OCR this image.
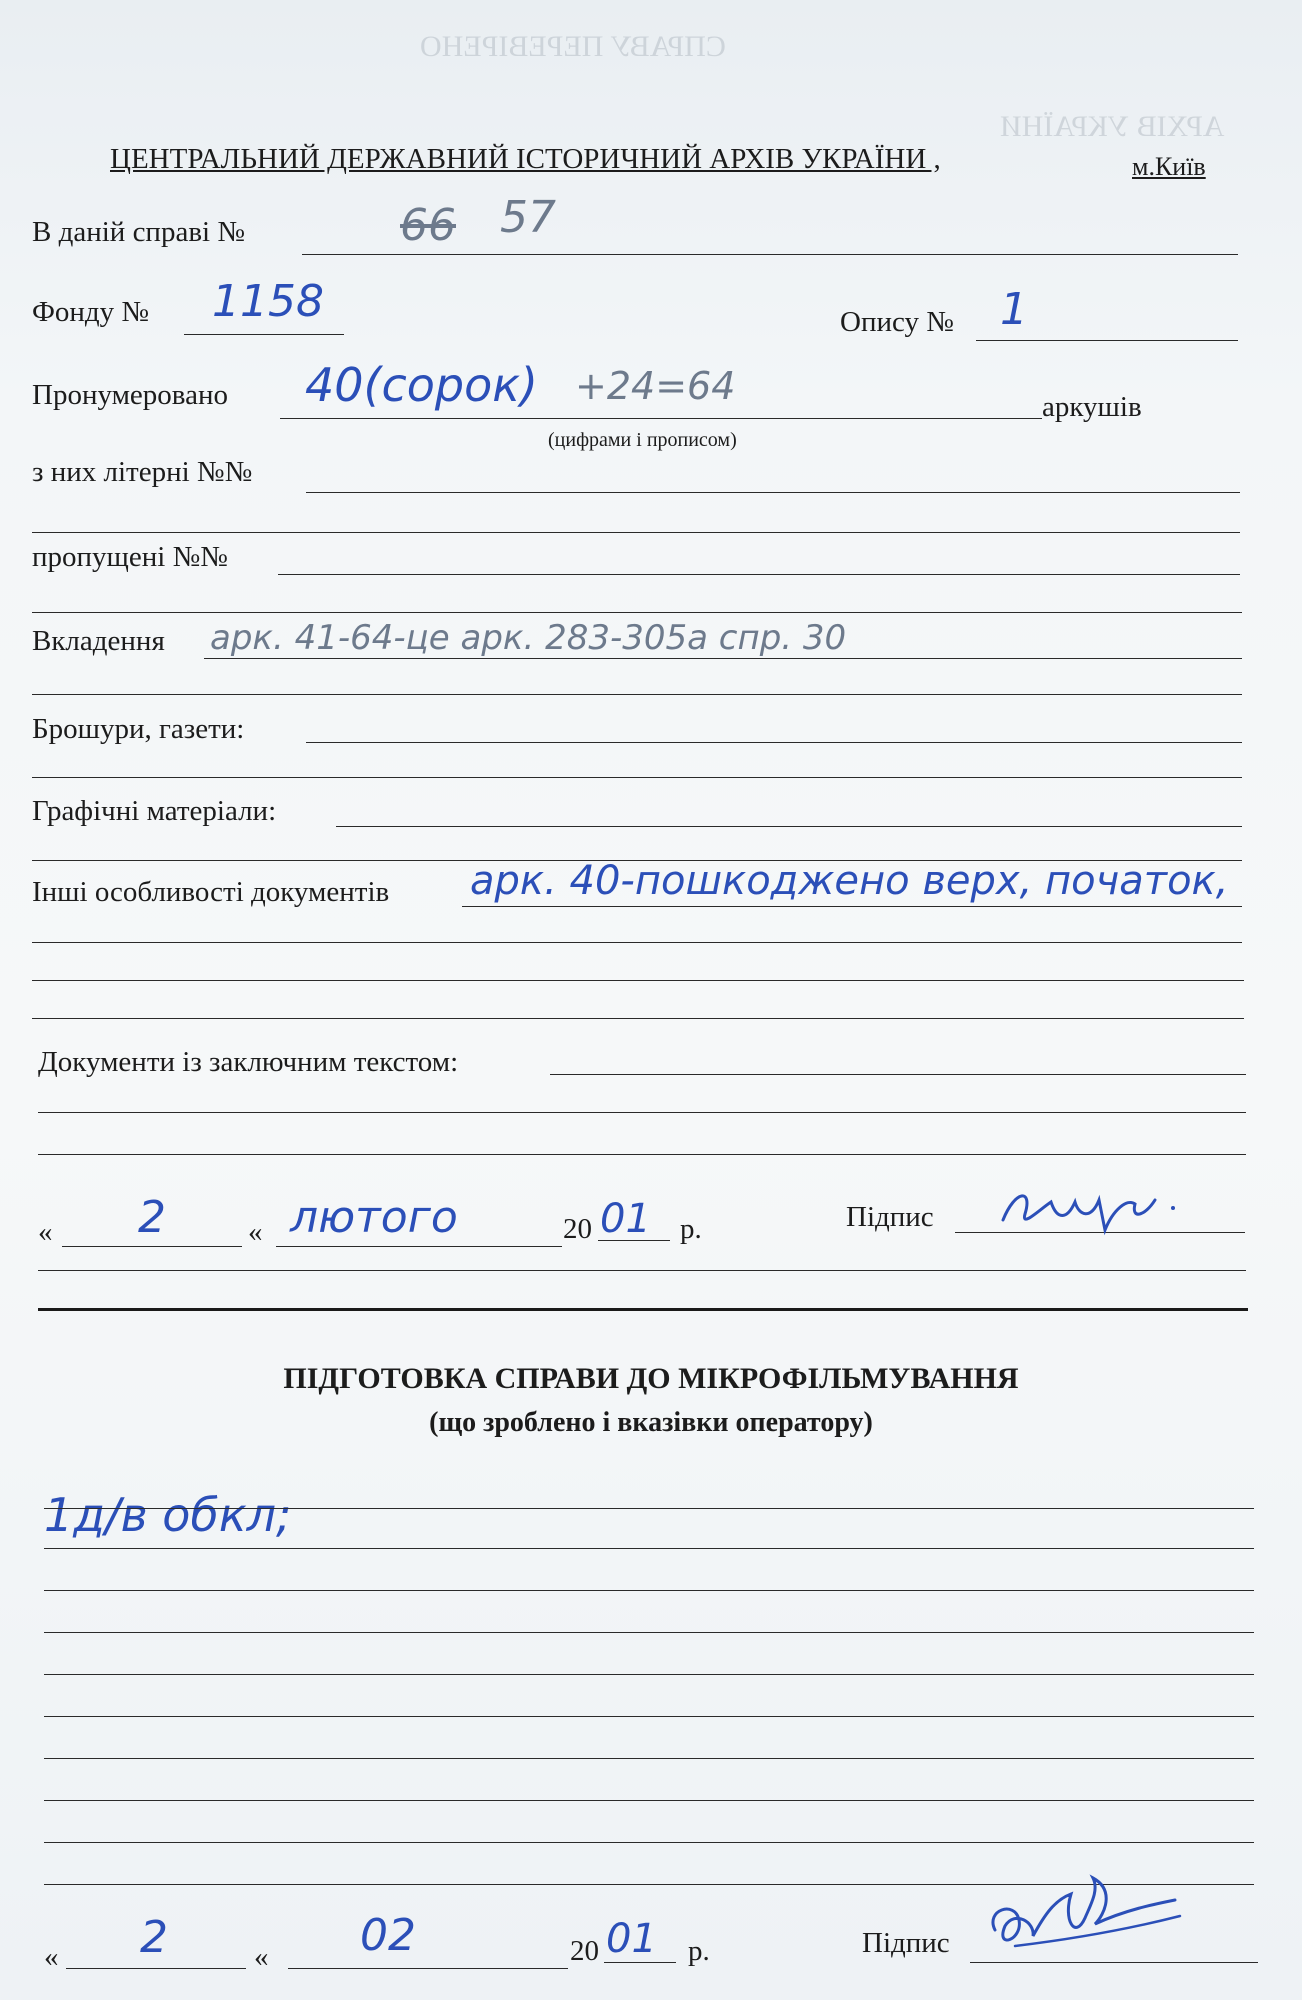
СПРАВУ ПЕРЕВІРЕНО
АРХІВ УКРАЇНИ
ЦЕНТРАЛЬНИЙ ДЕРЖАВНИЙ ІСТОРИЧНИЙ АРХІВ УКРАЇНИ ,	м.Київ
В даній справі №	66 57
Фонду № 1158	Опису № 1
Пронумеровано 40(сорок) +24=64	аркушів
(цифрами і прописом)
з них літерні №№
пропущені №№
Вкладення арк. 41-64-це арк. 283-305а спр. 30
Брошури, газети:
Графічні матеріали:
Інші особливості документів арк. 40-пошкоджено верх, початок,
Документи із заключним текстом:
« 2	« лютого	20 01 р.	Підпис
ПІДГОТОВКА СПРАВИ ДО МІКРОФІЛЬМУВАННЯ
(що зроблено і вказівки оператору)
1д/в обкл;
« 2	« 02	20 01 р.	Підпис
